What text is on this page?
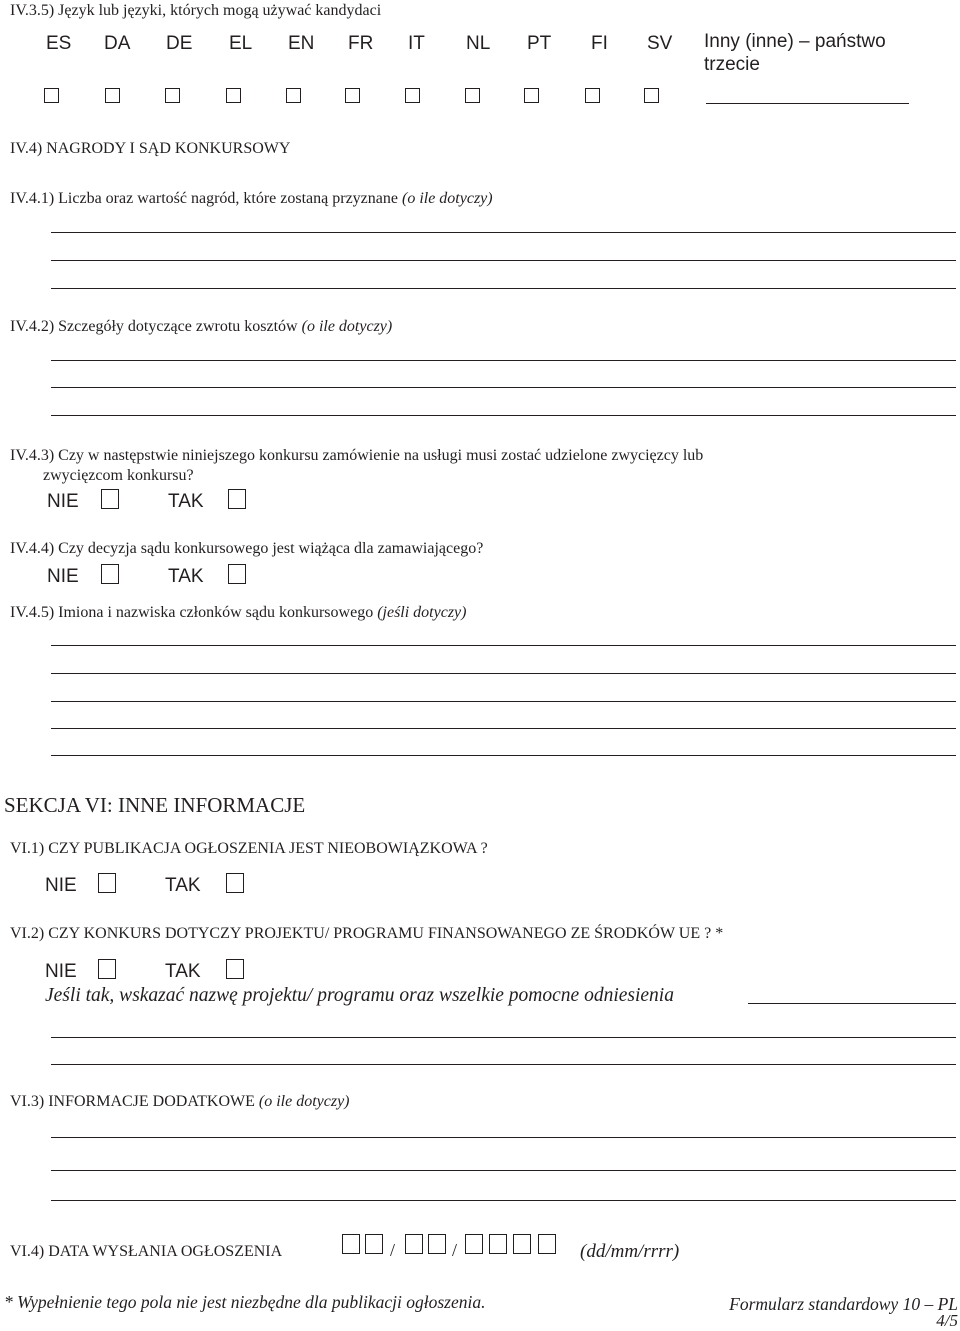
IV.3.5) Język lub języki, których mogą używać kandydaci
ES DA DE EL EN FR IT NL PT FI SV Inny (inne) – państwo
trzecie
IV.4) NAGRODY I SĄD KONKURSOWY
IV.4.1) Liczba oraz wartość nagród, które zostaną przyznane (o ile dotyczy)
IV.4.2) Szczegóły dotyczące zwrotu kosztów (o ile dotyczy)
IV.4.3) Czy w następstwie niniejszego konkursu zamówienie na usługi musi zostać udzielone zwycięzcy lub
zwycięzcom konkursu?
NIE	TAK
IV.4.4) Czy decyzja sądu konkursowego jest wiążąca dla zamawiającego?
NIE	TAK
IV.4.5) Imiona i nazwiska członków sądu konkursowego (jeśli dotyczy)
SEKCJA VI: INNE INFORMACJE
VI.1) CZY PUBLIKACJA OGŁOSZENIA JEST NIEOBOWIĄZKOWA ?
NIE	TAK
VI.2) CZY KONKURS DOTYCZY PROJEKTU/ PROGRAMU FINANSOWANEGO ZE ŚRODKÓW UE ? *
NIE	TAK
Jeśli tak, wskazać nazwę projektu/ programu oraz wszelkie pomocne odniesienia
VI.3) INFORMACJE DODATKOWE (o ile dotyczy)
VI.4) DATA WYSŁANIA OGŁOSZENIA	/	/	(dd/mm/rrrr)
* Wypełnienie tego pola nie jest niezbędne dla publikacji ogłoszenia.	Formularz standardowy 10 – PL
4/5
